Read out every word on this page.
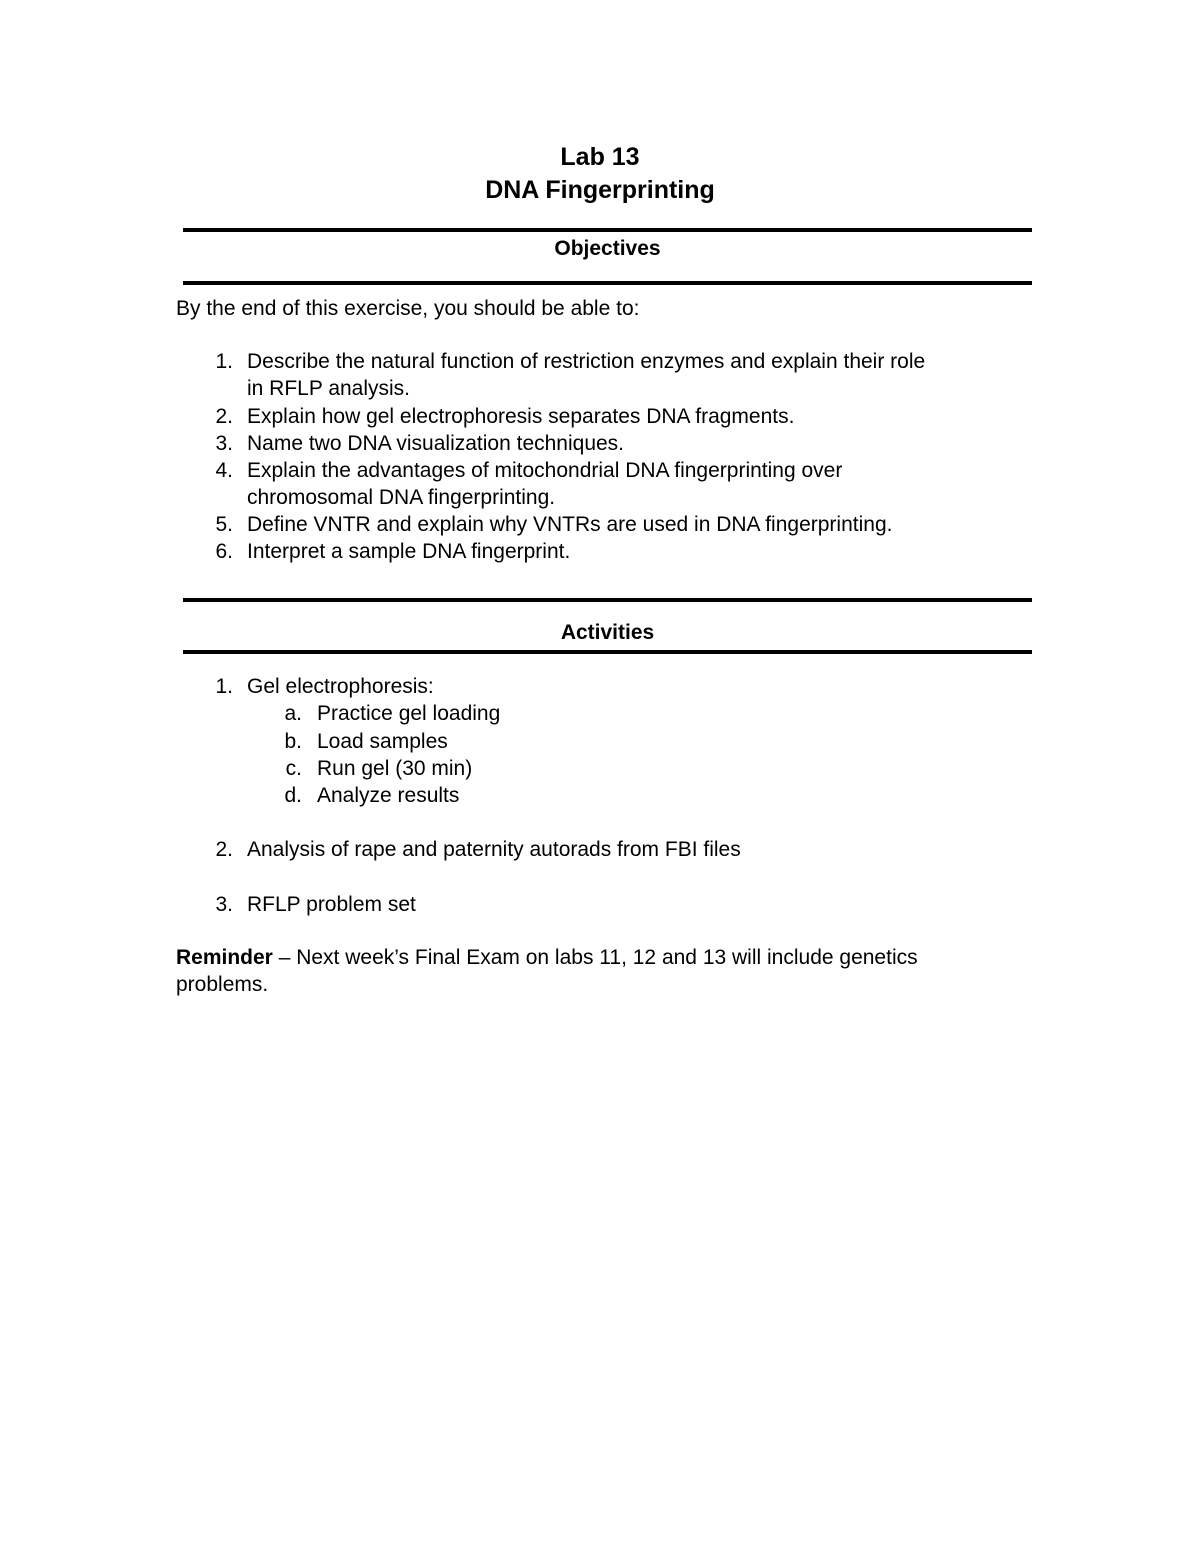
Lab 13
DNA Fingerprinting
Objectives
By the end of this exercise, you should be able to:
1. Describe the natural function of restriction enzymes and explain their role
in RFLP analysis.
2. Explain how gel electrophoresis separates DNA fragments.
3. Name two DNA visualization techniques.
4. Explain the advantages of mitochondrial DNA fingerprinting over
chromosomal DNA fingerprinting.
5. Define VNTR and explain why VNTRs are used in DNA fingerprinting.
6. Interpret a sample DNA fingerprint.
Activities
1. Gel electrophoresis:
a. Practice gel loading
b. Load samples
c. Run gel (30 min)
d. Analyze results
2. Analysis of rape and paternity autorads from FBI files
3. RFLP problem set
Reminder – Next week’s Final Exam on labs 11, 12 and 13 will include genetics
problems.
